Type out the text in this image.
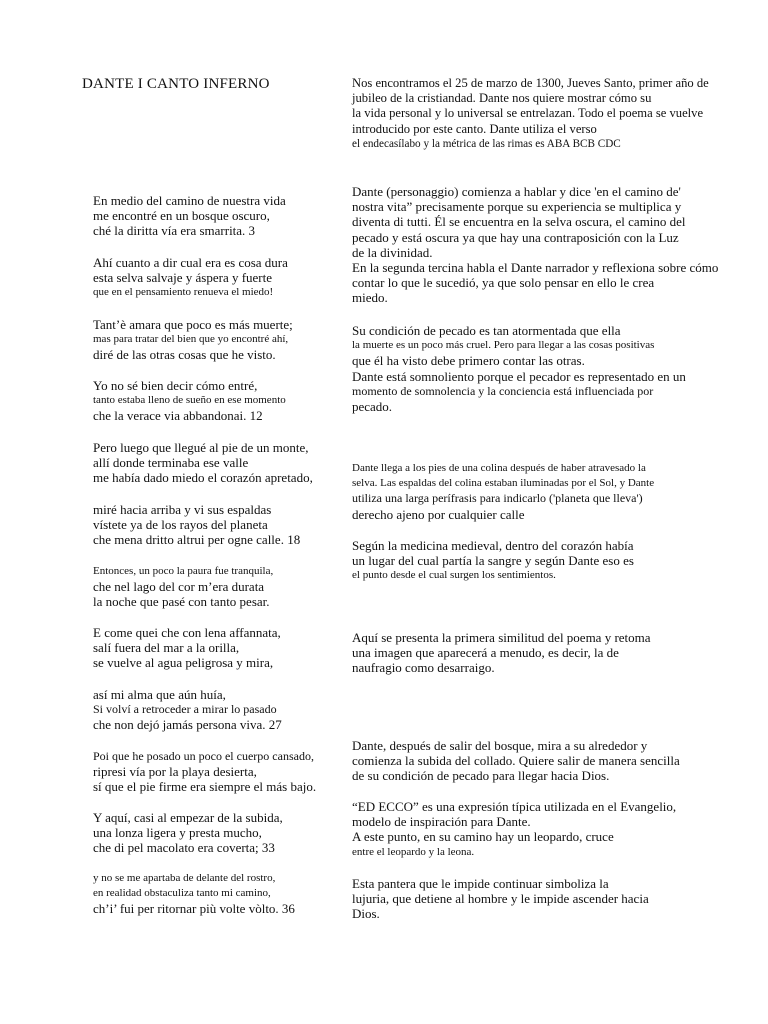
DANTE I CANTO INFERNO
En medio del camino de nuestra vida
me encontré en un bosque oscuro,
ché la diritta vía era smarrita. 3
Ahí cuanto a dir cual era es cosa dura
esta selva salvaje y áspera y fuerte
que en el pensamiento renueva el miedo!
Tant’è amara que poco es más muerte;
mas para tratar del bien que yo encontré ahí,
diré de las otras cosas que he visto.
Yo no sé bien decir cómo entré,
tanto estaba lleno de sueño en ese momento
che la verace via abbandonai. 12
Pero luego que llegué al pie de un monte,
allí donde terminaba ese valle
me había dado miedo el corazón apretado,
miré hacia arriba y vi sus espaldas
vístete ya de los rayos del planeta
che mena dritto altrui per ogne calle. 18
Entonces, un poco la paura fue tranquila,
che nel lago del cor m’era durata
la noche que pasé con tanto pesar.
E come quei che con lena affannata,
salí fuera del mar a la orilla,
se vuelve al agua peligrosa y mira,
así mi alma que aún huía,
Si volví a retroceder a mirar lo pasado
che non dejó jamás persona viva. 27
Poi que he posado un poco el cuerpo cansado,
ripresi vía por la playa desierta,
sí que el pie firme era siempre el más bajo.
Y aquí, casi al empezar de la subida,
una lonza ligera y presta mucho,
che di pel macolato era coverta; 33
y no se me apartaba de delante del rostro,
en realidad obstaculiza tanto mi camino,
ch’i’ fui per ritornar più volte vòlto. 36
Nos encontramos el 25 de marzo de 1300, Jueves Santo, primer año de
jubileo de la cristiandad. Dante nos quiere mostrar cómo su
la vida personal y lo universal se entrelazan. Todo el poema se vuelve
introducido por este canto. Dante utiliza el verso
el endecasílabo y la métrica de las rimas es ABA BCB CDC
Dante (personaggio) comienza a hablar y dice 'en el camino de'
nostra vita” precisamente porque su experiencia se multiplica y
diventa di tutti. Él se encuentra en la selva oscura, el camino del
pecado y está oscura ya que hay una contraposición con la Luz
de la divinidad.
En la segunda tercina habla el Dante narrador y reflexiona sobre cómo
contar lo que le sucedió, ya que solo pensar en ello le crea
miedo.
Su condición de pecado es tan atormentada que ella
la muerte es un poco más cruel. Pero para llegar a las cosas positivas
que él ha visto debe primero contar las otras.
Dante está somnoliento porque el pecador es representado en un
momento de somnolencia y la conciencia está influenciada por
pecado.
Dante llega a los pies de una colina después de haber atravesado la
selva. Las espaldas del colina estaban iluminadas por el Sol, y Dante
utiliza una larga perífrasis para indicarlo ('planeta que lleva')
derecho ajeno por cualquier calle
Según la medicina medieval, dentro del corazón había
un lugar del cual partía la sangre y según Dante eso es
el punto desde el cual surgen los sentimientos.
Aquí se presenta la primera similitud del poema y retoma
una imagen que aparecerá a menudo, es decir, la de
naufragio como desarraigo.
Dante, después de salir del bosque, mira a su alrededor y
comienza la subida del collado. Quiere salir de manera sencilla
de su condición de pecado para llegar hacia Dios.
“ED ECCO” es una expresión típica utilizada en el Evangelio,
modelo de inspiración para Dante.
A este punto, en su camino hay un leopardo, cruce
entre el leopardo y la leona.
Esta pantera que le impide continuar simboliza la
lujuria, que detiene al hombre y le impide ascender hacia
Dios.
